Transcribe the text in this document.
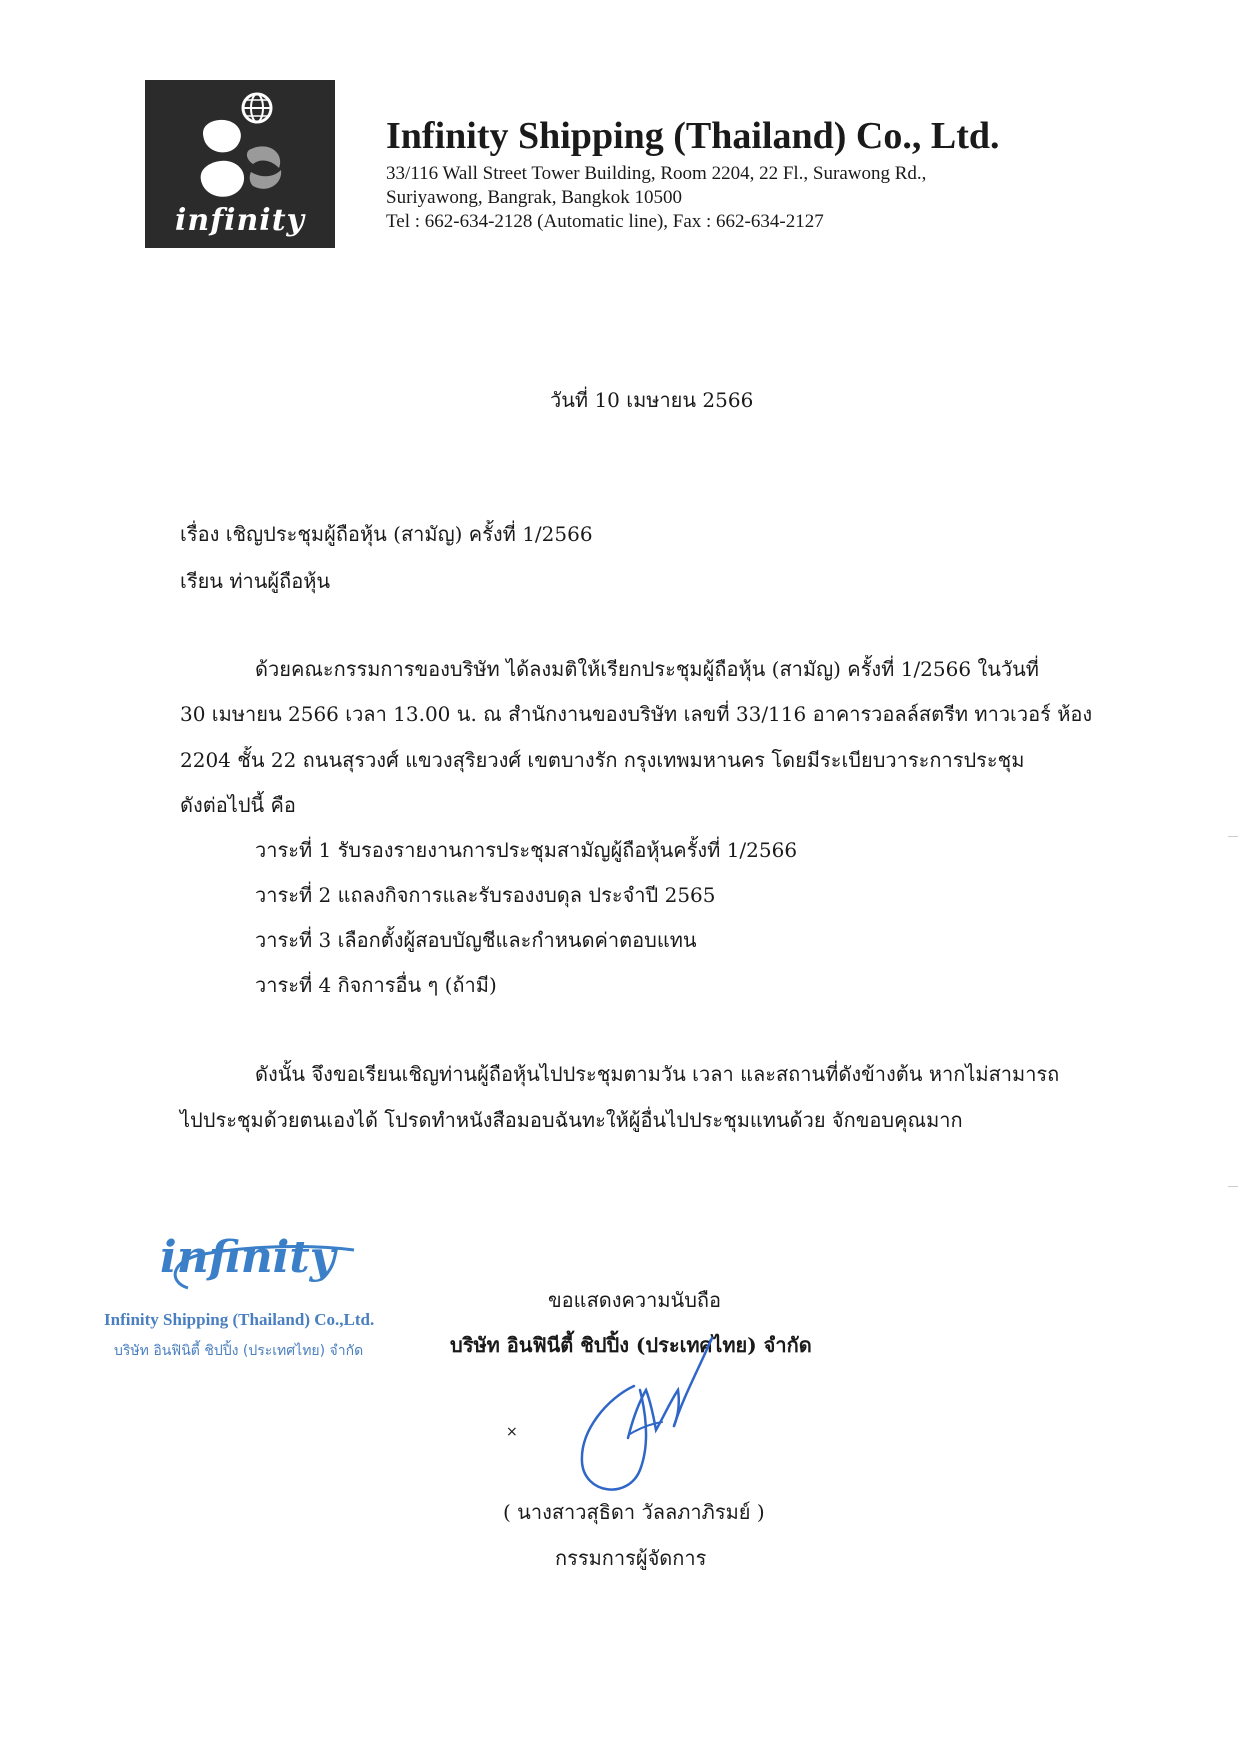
infinity
Infinity Shipping (Thailand) Co., Ltd.
33/116 Wall Street Tower Building, Room 2204, 22 Fl., Surawong Rd.,
Suriyawong, Bangrak, Bangkok 10500
Tel : 662-634-2128 (Automatic line), Fax : 662-634-2127
วันที่ 10 เมษายน 2566
เรื่อง เชิญประชุมผู้ถือหุ้น (สามัญ) ครั้งที่ 1/2566
เรียน ท่านผู้ถือหุ้น
ด้วยคณะกรรมการของบริษัท ได้ลงมติให้เรียกประชุมผู้ถือหุ้น (สามัญ) ครั้งที่ 1/2566 ในวันที่
30 เมษายน 2566 เวลา 13.00 น. ณ สำนักงานของบริษัท เลขที่ 33/116 อาคารวอลล์สตรีท ทาวเวอร์ ห้อง
2204 ชั้น 22 ถนนสุรวงศ์ แขวงสุริยวงศ์ เขตบางรัก กรุงเทพมหานคร โดยมีระเบียบวาระการประชุม
ดังต่อไปนี้ คือ
วาระที่ 1 รับรองรายงานการประชุมสามัญผู้ถือหุ้นครั้งที่ 1/2566
วาระที่ 2 แถลงกิจการและรับรองงบดุล ประจำปี 2565
วาระที่ 3 เลือกตั้งผู้สอบบัญชีและกำหนดค่าตอบแทน
วาระที่ 4 กิจการอื่น ๆ (ถ้ามี)
ดังนั้น จึงขอเรียนเชิญท่านผู้ถือหุ้นไปประชุมตามวัน เวลา และสถานที่ดังข้างต้น หากไม่สามารถ
ไปประชุมด้วยตนเองได้ โปรดทำหนังสือมอบฉันทะให้ผู้อื่นไปประชุมแทนด้วย จักขอบคุณมาก
infinity
Infinity Shipping (Thailand) Co.,Ltd.
บริษัท อินฟินิตี้ ชิปปิ้ง (ประเทศไทย) จำกัด
ขอแสดงความนับถือ
บริษัท อินฟินีตี้ ชิปปิ้ง (ประเทศไทย) จำกัด
×
( นางสาวสุธิดา วัลลภาภิรมย์ )
กรรมการผู้จัดการ
